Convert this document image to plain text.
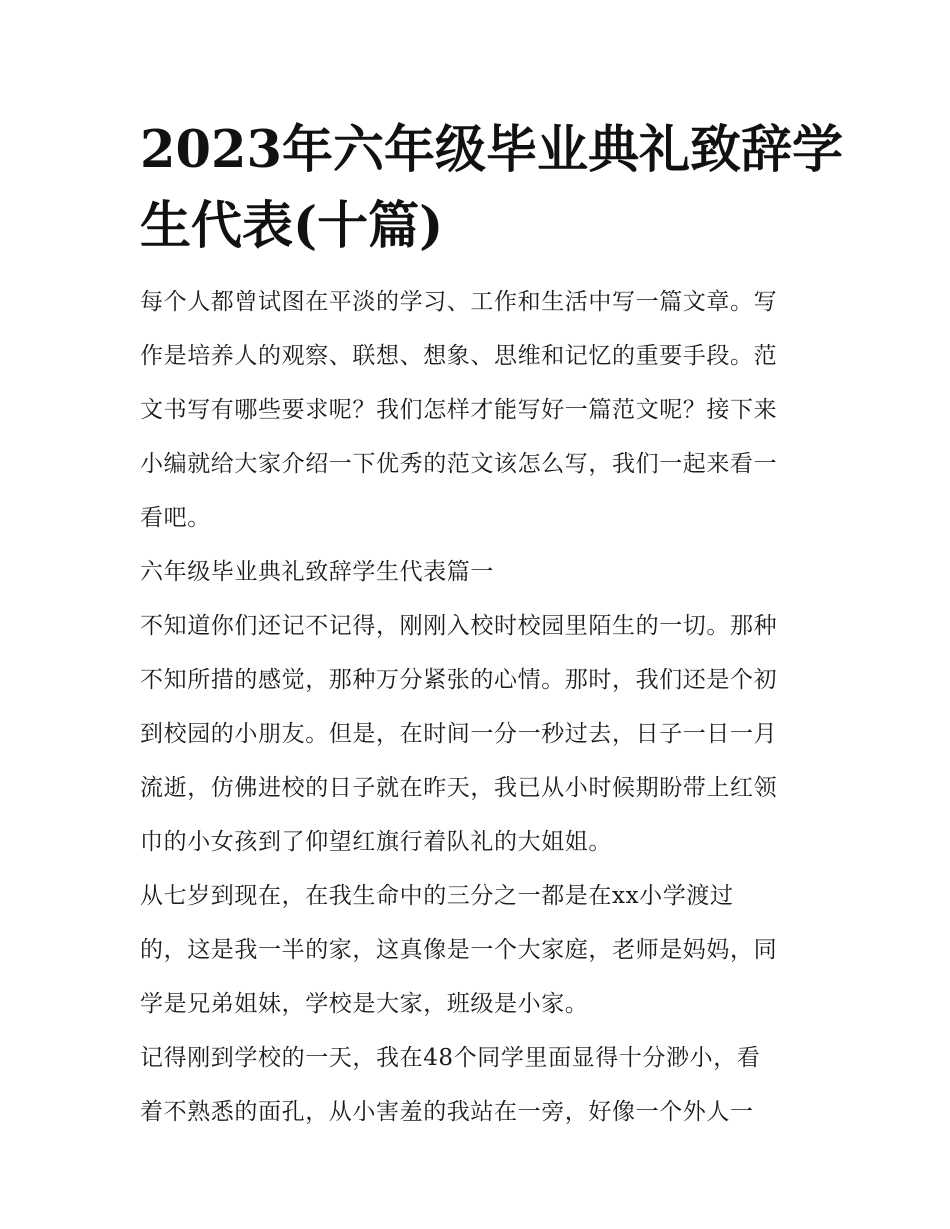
2023年六年级毕业典礼致辞学
生代表(十篇)
每个人都曾试图在平淡的学习、工作和生活中写一篇文章。写
作是培养人的观察、联想、想象、思维和记忆的重要手段。范
文书写有哪些要求呢？我们怎样才能写好一篇范文呢？接下来
小编就给大家介绍一下优秀的范文该怎么写，我们一起来看一
看吧。
六年级毕业典礼致辞学生代表篇一
不知道你们还记不记得，刚刚入校时校园里陌生的一切。那种
不知所措的感觉，那种万分紧张的心情。那时，我们还是个初
到校园的小朋友。但是，在时间一分一秒过去，日子一日一月
流逝，仿佛进校的日子就在昨天，我已从小时候期盼带上红领
巾的小女孩到了仰望红旗行着队礼的大姐姐。
从七岁到现在，在我生命中的三分之一都是在xx小学渡过
的，这是我一半的家，这真像是一个大家庭，老师是妈妈，同
学是兄弟姐妹，学校是大家，班级是小家。
记得刚到学校的一天，我在48个同学里面显得十分渺小，看
着不熟悉的面孔，从小害羞的我站在一旁，好像一个外人一
